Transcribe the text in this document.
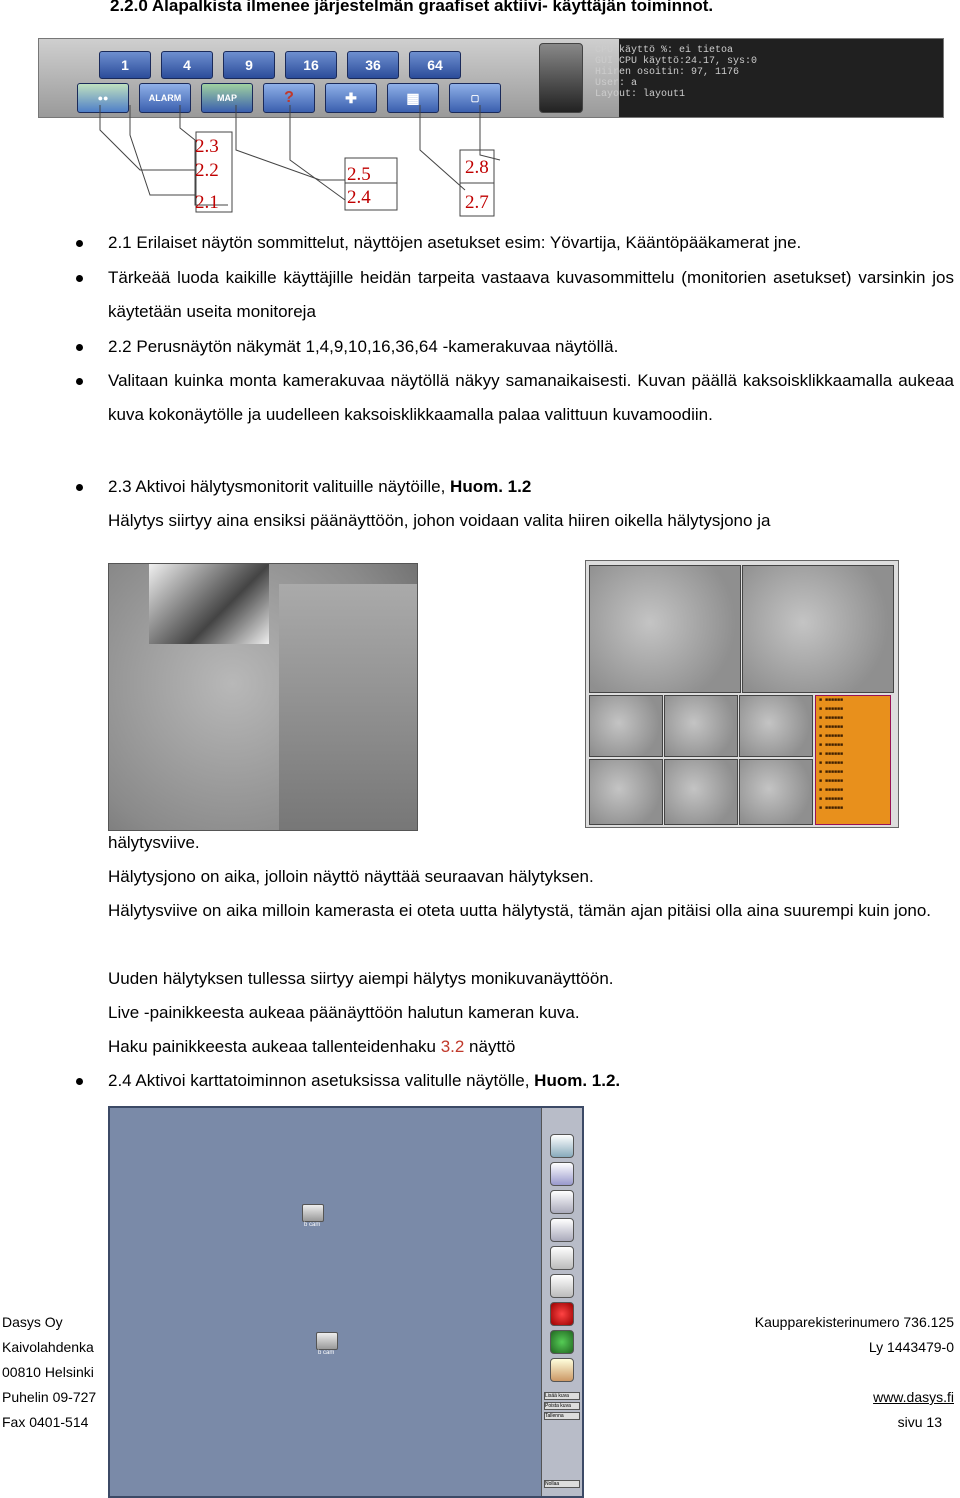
2.2.0 Alapalkista ilmenee järjestelmän graafiset aktiivi- käyttäjän toiminnot.
1	4	9	16	36	64
●●	ALARM	MAP	?	✚	▦	▢
CPU käyttö %: ei tietoa
GUI CPU käyttö:24.17, sys:0
Hiiren osoitin: 97, 1176
User: a
Layout: layout1
2.3
2.2
2.1
2.5
2.4
2.8
2.7
2.1 Erilaiset näytön sommittelut, näyttöjen asetukset esim: Yövartija, Kääntöpääkamerat jne.
Tärkeää luoda kaikille käyttäjille heidän tarpeita vastaava kuvasommittelu (monitorien asetukset) varsinkin jos käytetään useita monitoreja
2.2 Perusnäytön näkymät 1,4,9,10,16,36,64 -kamerakuvaa näytöllä.
Valitaan kuinka monta kamerakuvaa näytöllä näkyy samanaikaisesti. Kuvan päällä kaksoisklikkaamalla aukeaa kuva kokonäytölle ja uudelleen kaksoisklikkaamalla palaa valittuun kuvamoodiin.
2.3 Aktivoi hälytysmonitorit valituille näytöille, Huom. 1.2
Hälytys siirtyy aina ensiksi päänäyttöön, johon voidaan valita hiiren oikella hälytysjono ja
■ ■■■■■■
■ ■■■■■■
■ ■■■■■■
■ ■■■■■■
■ ■■■■■■
■ ■■■■■■
■ ■■■■■■
■ ■■■■■■
■ ■■■■■■
■ ■■■■■■
■ ■■■■■■
■ ■■■■■■
■ ■■■■■■
hälytysviive.
Hälytysjono on aika, jolloin näyttö näyttää seuraavan hälytyksen.
Hälytysviive on aika milloin kamerasta ei oteta uutta hälytystä, tämän ajan pitäisi olla aina suurempi kuin jono.
Uuden hälytyksen tullessa siirtyy aiempi hälytys monikuvanäyttöön.
Live -painikkeesta aukeaa päänäyttöön halutun kameran kuva.
Haku painikkeesta aukeaa tallenteidenhaku 3.2 näyttö
2.4 Aktivoi karttatoiminnon asetuksissa valitulle näytölle, Huom. 1.2.
b cam
b cam
Lisää kuva
Poista kuva
Tallenna
Nollaa
Dasys Oy
Kaivolahdenka
00810 Helsinki
Puhelin 09-727
Fax 0401-514
Kaupparekisterinumero 736.125
Ly 1443479-0
www.dasys.fi
sivu 13
